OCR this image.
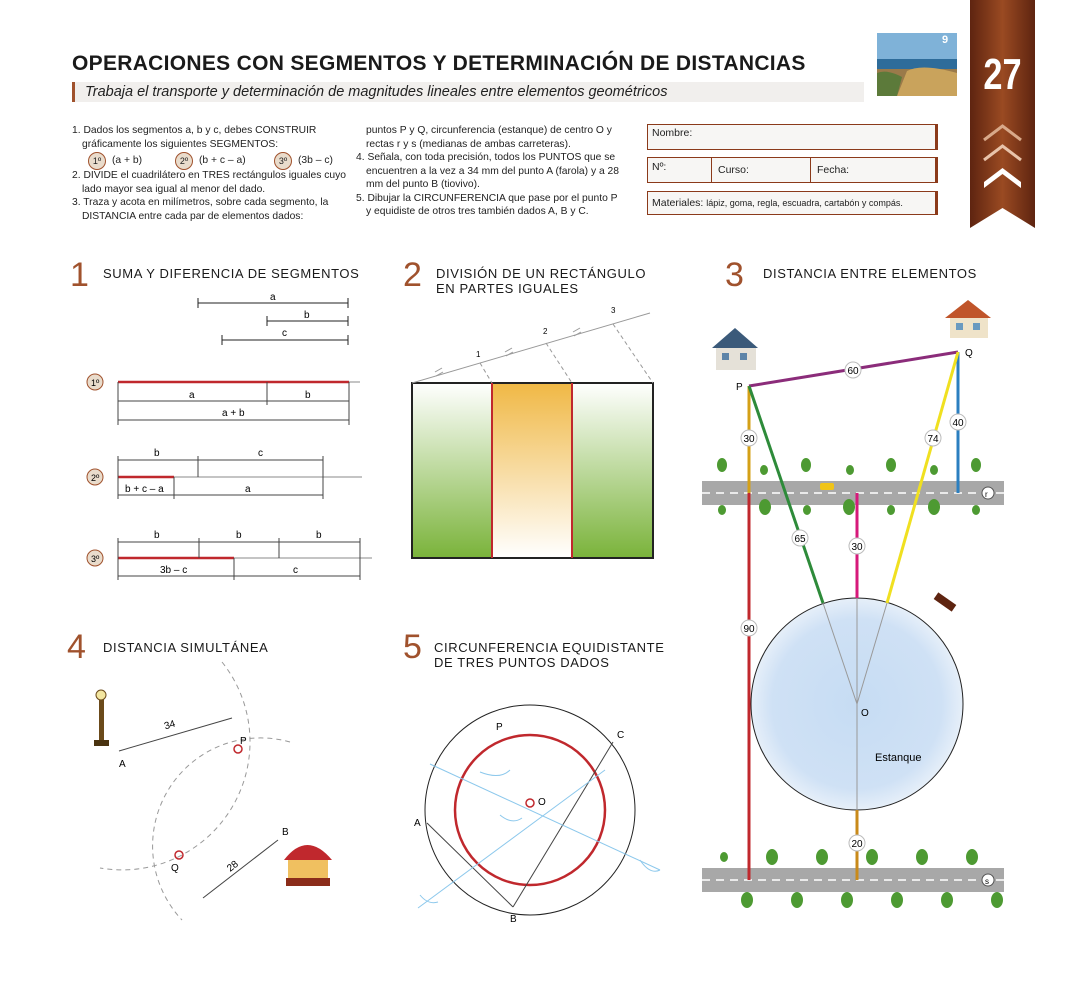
OPERACIONES CON SEGMENTOS Y DETERMINACIÓN DE DISTANCIAS
Trabaja el transporte y determinación de magnitudes lineales entre elementos geométricos
9
27

1. Dados los segmentos a, b y c, debes CONSTRUIR

gráficamente los siguientes SEGMENTOS:

1º	(a + b)	2º	(b + c – a)	3º	(3b – c)

2. DIVIDE el cuadrilátero en TRES rectángulos iguales cuyo lado mayor sea igual al menor del dado.

3. Traza y acota en milímetros, sobre cada segmento, la DISTANCIA entre cada par de elementos dados:

puntos P y Q, circunferencia (estanque) de centro O y rectas r y s (medianas de ambas carreteras).

4. Señala, con toda precisión, todos los PUNTOS que se encuentren a la vez a 34 mm del punto A (farola) y a 28 mm del punto B (tiovivo).

5. Dibujar la CIRCUNFERENCIA que pase por el punto P y equidiste de otros tres también dados A, B y C.

Nombre:
Nº:	Curso:	Fecha:
Materiales: lápiz, goma, regla, escuadra, cartabón y compás.
1 SUMA Y DIFERENCIA DE SEGMENTOS 2 DIVISIÓN DE UN RECTÁNGULO
EN PARTES IGUALES	3 DISTANCIA ENTRE ELEMENTOS
4 DISTANCIA SIMULTÁNEA	5 CIRCUNFERENCIA EQUIDISTANTE
DE TRES PUNTOS DADOS
a
b
c
1º
a	b
a + b
2º
b	c
b + c – a	a
3º
b	b	b
3b – c	c
1
2
3
60
30
40
65
74
30
90
20
P
Q
O
r
s
Estanque
A
B
P
Q
34
28
A
B
C
P
O
